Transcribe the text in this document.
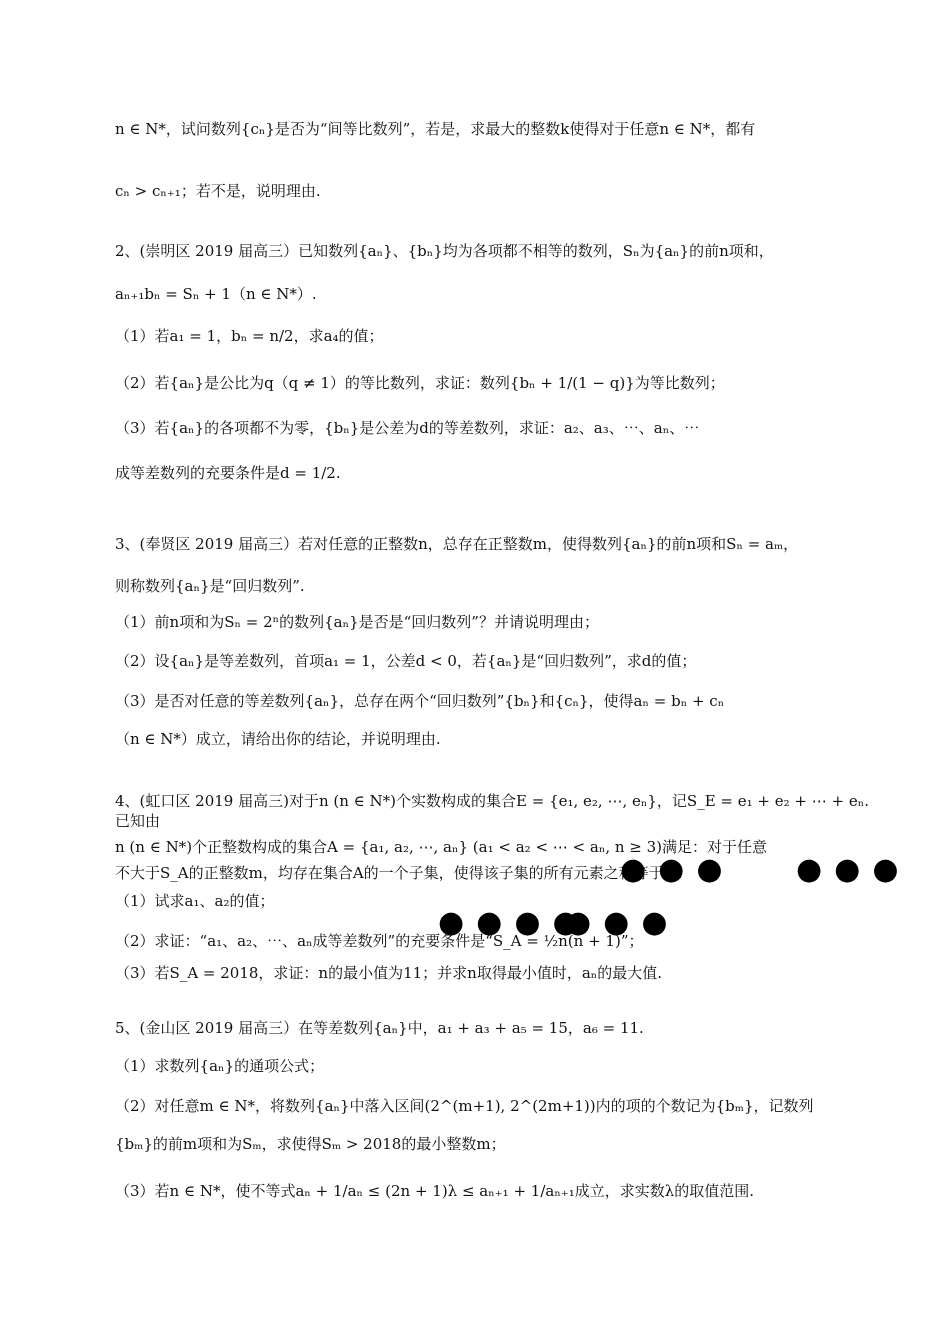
n ∈ N*，试问数列{cₙ}是否为“间等比数列”，若是，求最大的整数k使得对于任意n ∈ N*，都有
cₙ > cₙ₊₁；若不是，说明理由.
2、(崇明区 2019 届高三）已知数列{aₙ}、{bₙ}均为各项都不相等的数列，Sₙ为{aₙ}的前n项和，
aₙ₊₁bₙ = Sₙ + 1（n ∈ N*）.
（1）若a₁ = 1，bₙ = n/2，求a₄的值；
（2）若{aₙ}是公比为q（q ≠ 1）的等比数列，求证：数列{bₙ + 1/(1 − q)}为等比数列；
（3）若{aₙ}的各项都不为零，{bₙ}是公差为d的等差数列，求证：a₂、a₃、⋯、aₙ、⋯
成等差数列的充要条件是d = 1/2.
3、(奉贤区 2019 届高三）若对任意的正整数n，总存在正整数m，使得数列{aₙ}的前n项和Sₙ = aₘ，
则称数列{aₙ}是“回归数列”.
（1）前n项和为Sₙ = 2ⁿ的数列{aₙ}是否是“回归数列”？并请说明理由；
（2）设{aₙ}是等差数列，首项a₁ = 1，公差d < 0，若{aₙ}是“回归数列”，求d的值；
（3）是否对任意的等差数列{aₙ}，总存在两个“回归数列”{bₙ}和{cₙ}，使得aₙ = bₙ + cₙ
（n ∈ N*）成立，请给出你的结论，并说明理由.
4、(虹口区 2019 届高三)对于n (n ∈ N*)个实数构成的集合E = {e₁, e₂, ⋯, eₙ}，记S_E = e₁ + e₂ + ⋯ + eₙ.
已知由
n (n ∈ N*)个正整数构成的集合A = {a₁, a₂, ⋯, aₙ} (a₁ < a₂ < ⋯ < aₙ, n ≥ 3)满足：对于任意
不大于S_A的正整数m，均存在集合A的一个子集，使得该子集的所有元素之和等于m.
（1）试求a₁、a₂的值；
（2）求证：“a₁、a₂、⋯、aₙ成等差数列”的充要条件是“S_A = ½n(n + 1)”；
（3）若S_A = 2018，求证：n的最小值为11；并求n取得最小值时，aₙ的最大值.
5、(金山区 2019 届高三）在等差数列{aₙ}中，a₁ + a₃ + a₅ = 15，a₆ = 11.
（1）求数列{aₙ}的通项公式；
（2）对任意m ∈ N*，将数列{aₙ}中落入区间(2^(m+1), 2^(2m+1))内的项的个数记为{bₘ}，记数列
{bₘ}的前m项和为Sₘ，求使得Sₘ > 2018的最小整数m；
（3）若n ∈ N*，使不等式aₙ + 1/aₙ ≤ (2n + 1)λ ≤ aₙ₊₁ + 1/aₙ₊₁成立，求实数λ的取值范围.
●●●
●●●
●●●●
●●●
